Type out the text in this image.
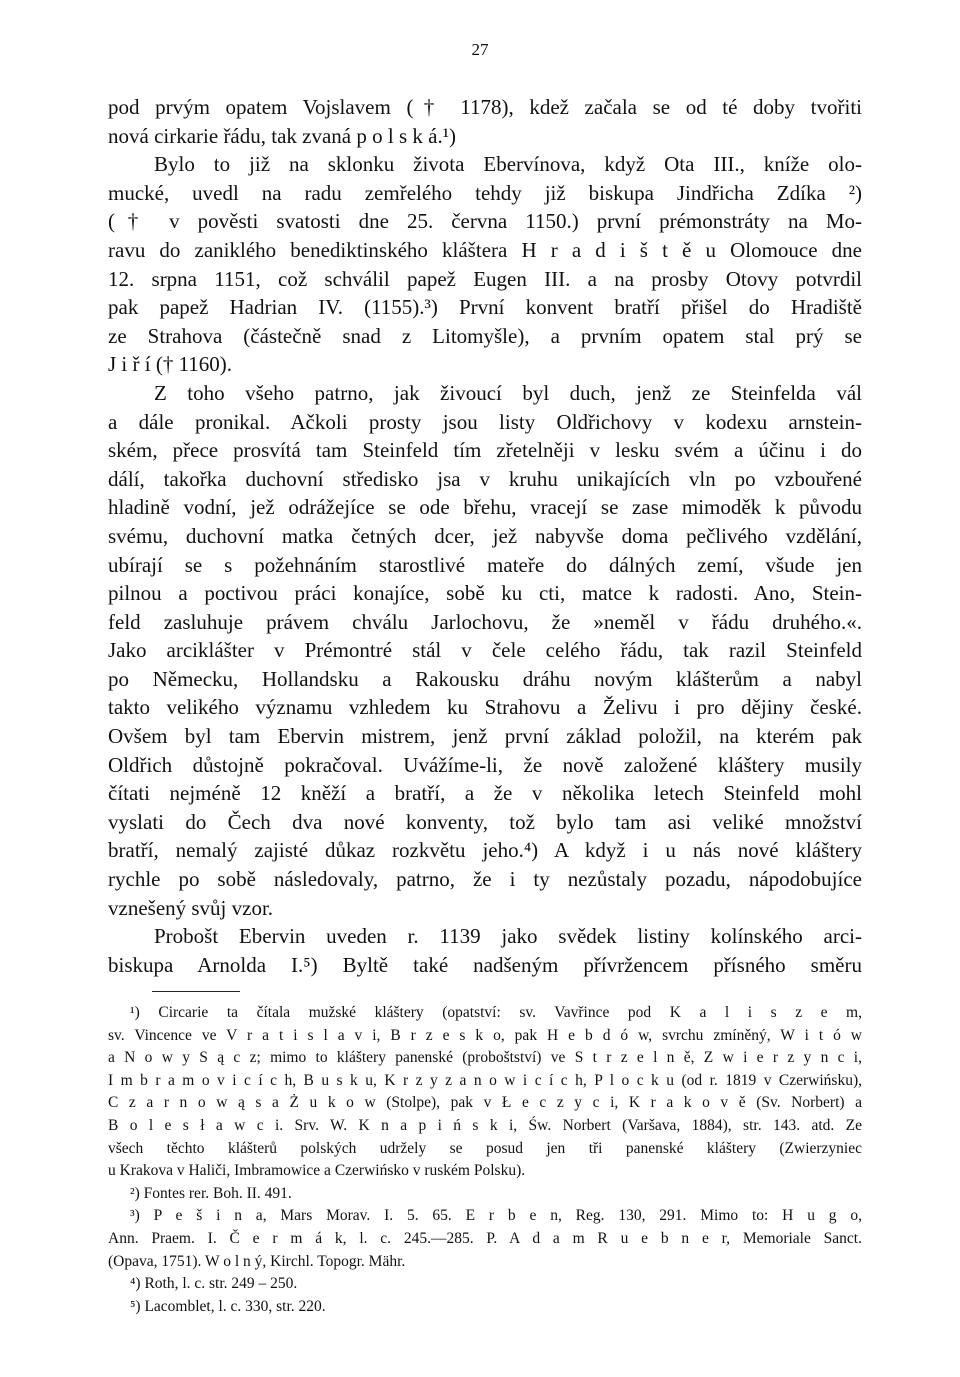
27
pod prvým opatem Vojslavem († 1178), kdež začala se od té doby tvořiti
nová cirkarie řádu, tak zvaná p o l s k á.¹)
Bylo to již na sklonku života Ebervínova, když Ota III., kníže olo-
mucké, uvedl na radu zemřelého tehdy již biskupa Jindřicha Zdíka ²)
(† v pověsti svatosti dne 25. června 1150.) první prémonstráty na Mo-
ravu do zaniklého benediktinského kláštera H r a d i š t ě u Olomouce dne
12. srpna 1151, což schválil papež Eugen III. a na prosby Otovy potvrdil
pak papež Hadrian IV. (1155).³) První konvent bratří přišel do Hradiště
ze Strahova (částečně snad z Litomyšle), a prvním opatem stal prý se
J i ř í († 1160).
Z toho všeho patrno, jak živoucí byl duch, jenž ze Steinfelda vál
a dále pronikal. Ačkoli prosty jsou listy Oldřichovy v kodexu arnstein-
ském, přece prosvítá tam Steinfeld tím zřetelněji v lesku svém a účinu i do
dálí, takořka duchovní středisko jsa v kruhu unikajících vln po vzbouřené
hladině vodní, jež odrážejíce se ode břehu, vracejí se zase mimoděk k původu
svému, duchovní matka četných dcer, jež nabyvše doma pečlivého vzdělání,
ubírají se s požehnáním starostlivé mateře do dálných zemí, všude jen
pilnou a poctivou práci konajíce, sobě ku cti, matce k radosti. Ano, Stein-
feld zasluhuje právem chválu Jarlochovu, že »neměl v řádu druhého.«.
Jako arciklášter v Prémontré stál v čele celého řádu, tak razil Steinfeld
po Německu, Hollandsku a Rakousku dráhu novým klášterům a nabyl
takto velikého významu vzhledem ku Strahovu a Želivu i pro dějiny české.
Ovšem byl tam Ebervin mistrem, jenž první základ položil, na kterém pak
Oldřich důstojně pokračoval. Uvážíme-li, že nově založené kláštery musily
čítati nejméně 12 kněží a bratří, a že v několika letech Steinfeld mohl
vyslati do Čech dva nové konventy, tož bylo tam asi veliké množství
bratří, nemalý zajisté důkaz rozkvětu jeho.⁴) A když i u nás nové kláštery
rychle po sobě následovaly, patrno, že i ty nezůstaly pozadu, nápodobujíce
vznešený svůj vzor.
Probošt Ebervin uveden r. 1139 jako svědek listiny kolínského arci-
biskupa Arnolda I.⁵) Byltě také nadšeným přívržencem přísného směru
¹) Circarie ta čítala mužské kláštery (opatství: sv. Vavřince pod K a l i s z e m,
sv. Vincence ve V r a t i s l a v i, B r z e s k o, pak H e b d ó w, svrchu zmíněný, W i t ó w
a N o w y S ą c z; mimo to kláštery panenské (proboštství) ve S t r z e l n ě, Z w i e r z y n c i,
I m b r a m o v i c í c h, B u s k u, K r z y z a n o w i c í c h, P l o c k u (od r. 1819 v Czerwińsku),
C z a r n o w ą s a Ż u k o w (Stolpe), pak v Ł e c z y c i, K r a k o v ě (Sv. Norbert) a
B o l e s ł a w c i. Srv. W. K n a p i ń s k i, Św. Norbert (Varšava, 1884), str. 143. atd. Ze
všech těchto klášterů polských udržely se posud jen tři panenské kláštery (Zwierzyniec
u Krakova v Haliči, Imbramowice a Czerwińsko v ruském Polsku).
²) Fontes rer. Boh. II. 491.
³) P e š i n a, Mars Morav. I. 5. 65. E r b e n, Reg. 130, 291. Mimo to: H u g o,
Ann. Praem. I. Č e r m á k, l. c. 245.—285. P. A d a m R u e b n e r, Memoriale Sanct.
(Opava, 1751). W o l n ý, Kirchl. Topogr. Mähr.
⁴) Roth, l. c. str. 249 – 250.
⁵) Lacomblet, l. c. 330, str. 220.
